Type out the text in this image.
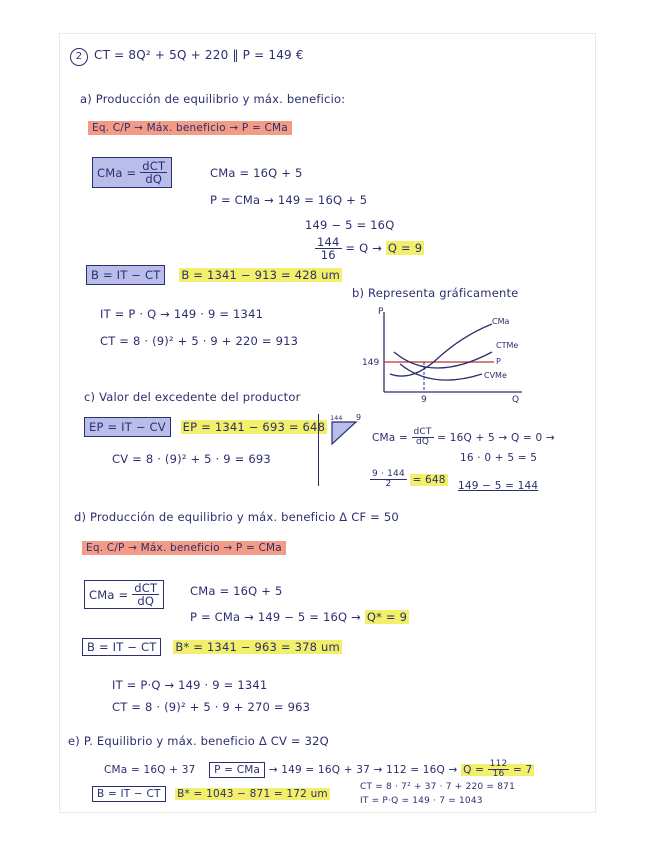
2 CT = 8Q² + 5Q + 220 ‖ P = 149 €
a) Producción de equilibrio y máx. beneficio:
Eq. C/P → Máx. beneficio → P = CMa
CMa = $\frac{\text{dCT}}{dQ}$	CMa = 16Q + 5
P = CMa → 149 = 16Q + 5
149 − 5 = 16Q
$\frac{144}{16} = Q \to Q = 9$
B = IT − CT B = 1341 − 913 = 428 um
IT = P · Q → 149 · 9 = 1341
CT = 8 · (9)² + 5 · 9 + 220 = 913
b) Representa gráficamente
P
Q
P
149
9
CMa
CTMe
CVMe
c) Valor del excedente del productor
EP = IT − CV EP = 1341 − 693 = 648
CV = 8 · (9)² + 5 · 9 = 693
144 9
CMa = $\frac{\text{dCT}}{dQ} = 16Q + 5 \to Q = 0$ →
16 · 0 + 5 = 5
$\frac{9 \cdot 144}{2} = 648$
149 − 5 = 144
d) Producción de equilibrio y máx. beneficio Δ CF = 50
Eq. C/P → Máx. beneficio → P = CMa
CMa = $\frac{\text{dCT}}{dQ}$	CMa = 16Q + 5
P = CMa → 149 − 5 = 16Q → Q* = 9
B = IT − CT B* = 1341 − 963 = 378 um
IT = P·Q → 149 · 9 = 1341
CT = 8 · (9)² + 5 · 9 + 270 = 963
e) P. Equilibrio y máx. beneficio Δ CV = 32Q
CMa = 16Q + 37 P = CMa → $149 = 16Q + 37 \to 112 = 16Q \to Q = \frac{112}{16} = 7$
B = IT − CT B* = 1043 − 871 = 172 um
CT = 8 · 7² + 37 · 7 + 220 = 871
IT = P·Q = 149 · 7 = 1043
